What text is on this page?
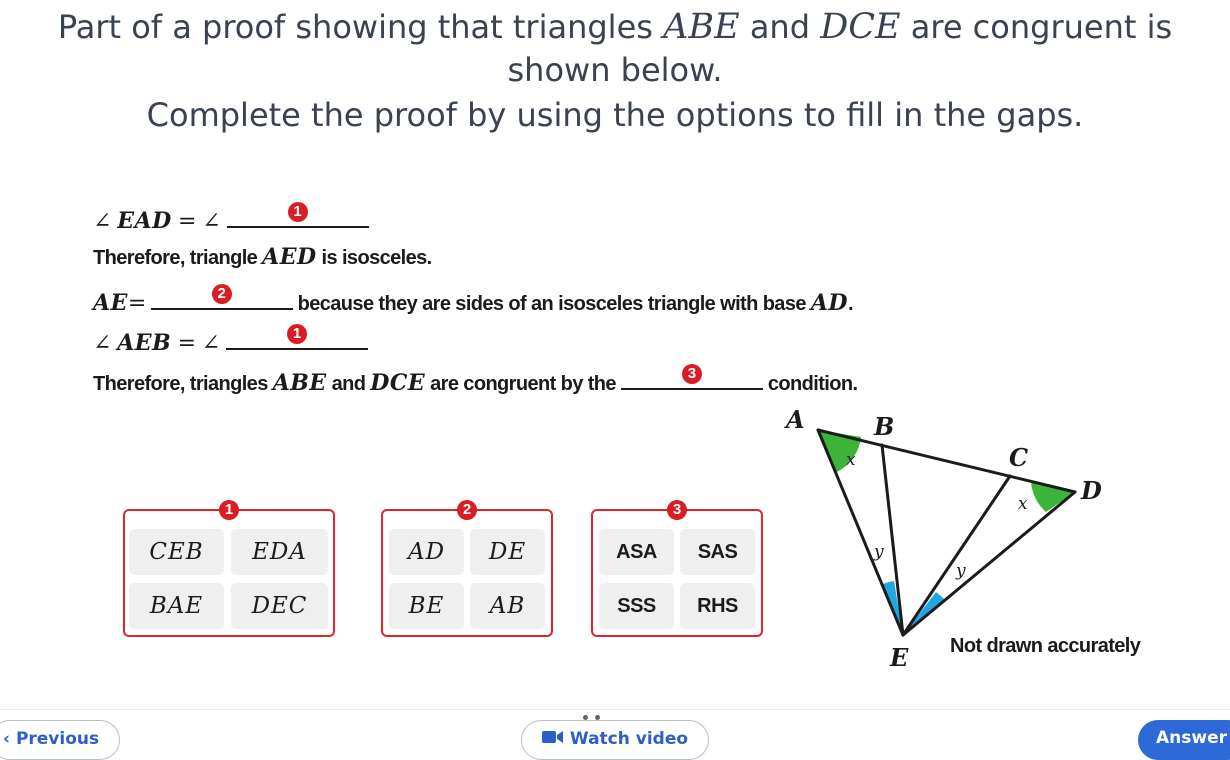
Part of a proof showing that triangles ABE and DCE are congruent is
shown below.
Complete the proof by using the options to fill in the gaps.
∠ EAD = ∠	1
Therefore, triangle AED is isosceles.
AE=	2	because they are sides of an isosceles triangle with base AD.
∠ AEB = ∠	1
Therefore, triangles ABE and DCE are congruent by the	3	condition.
1
CEB	EDA
BAE	DEC
2
AD	DE
BE	AB
3
ASA	SAS
SSS	RHS
A	B
C
D
E
x
x
y
y
Not drawn accurately
‹ Previous	Watch video	Answer
